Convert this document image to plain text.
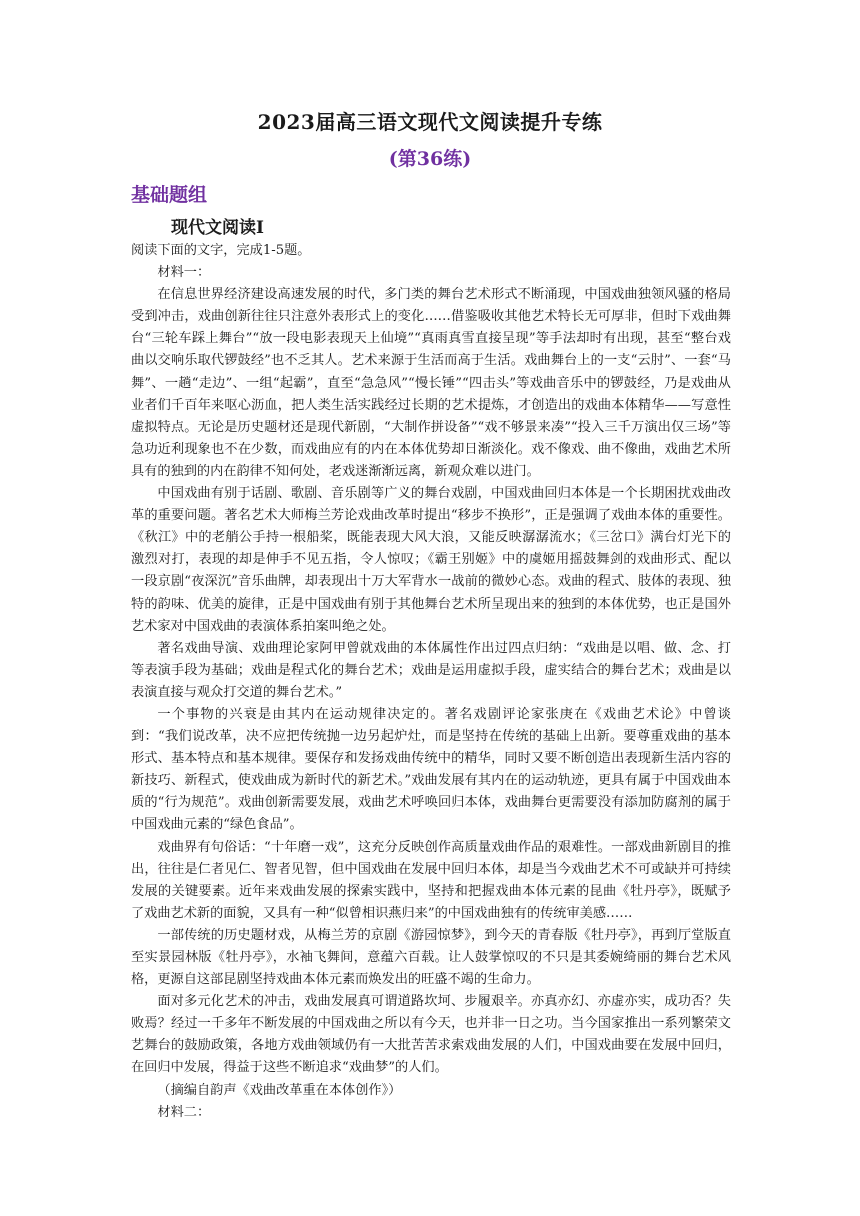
2023届高三语文现代文阅读提升专练
(第36练)
基础题组
现代文阅读Ⅰ

阅读下面的文字，完成1-5题。

材料一：

在信息世界经济建设高速发展的时代，多门类的舞台艺术形式不断涌现，中国戏曲独领风骚的格局受到冲击，戏曲创新往往只注意外表形式上的变化……借鉴吸收其他艺术特长无可厚非，但时下戏曲舞台“三轮车踩上舞台”“放一段电影表现天上仙境”“真雨真雪直接呈现”等手法却时有出现，甚至“整台戏曲以交响乐取代锣鼓经”也不乏其人。艺术来源于生活而高于生活。戏曲舞台上的一支“云肘”、一套“马舞”、一趟“走边”、一组“起霸”，直至“急急风”“慢长锤”“四击头”等戏曲音乐中的锣鼓经，乃是戏曲从业者们千百年来呕心沥血，把人类生活实践经过长期的艺术提炼，才创造出的戏曲本体精华——写意性虚拟特点。无论是历史题材还是现代新剧，“大制作拼设备”“戏不够景来凑”“投入三千万演出仅三场”等急功近利现象也不在少数，而戏曲应有的内在本体优势却日渐淡化。戏不像戏、曲不像曲，戏曲艺术所具有的独到的内在韵律不知何处，老戏迷渐渐远离，新观众难以进门。

中国戏曲有别于话剧、歌剧、音乐剧等广义的舞台戏剧，中国戏曲回归本体是一个长期困扰戏曲改革的重要问题。著名艺术大师梅兰芳论戏曲改革时提出“移步不换形”，正是强调了戏曲本体的重要性。《秋江》中的老艄公手持一根船桨，既能表现大风大浪，又能反映潺潺流水；《三岔口》满台灯光下的激烈对打，表现的却是伸手不见五指，令人惊叹；《霸王别姬》中的虞姬用摇鼓舞剑的戏曲形式、配以一段京剧“夜深沉”音乐曲牌，却表现出十万大军背水一战前的微妙心态。戏曲的程式、肢体的表现、独特的韵味、优美的旋律，正是中国戏曲有别于其他舞台艺术所呈现出来的独到的本体优势，也正是国外艺术家对中国戏曲的表演体系拍案叫绝之处。

著名戏曲导演、戏曲理论家阿甲曾就戏曲的本体属性作出过四点归纳：“戏曲是以唱、做、念、打等表演手段为基础；戏曲是程式化的舞台艺术；戏曲是运用虚拟手段，虚实结合的舞台艺术；戏曲是以表演直接与观众打交道的舞台艺术。”

一个事物的兴衰是由其内在运动规律决定的。著名戏剧评论家张庚在《戏曲艺术论》中曾谈到：“我们说改革，决不应把传统抛一边另起炉灶，而是坚持在传统的基础上出新。要尊重戏曲的基本形式、基本特点和基本规律。要保存和发扬戏曲传统中的精华，同时又要不断创造出表现新生活内容的新技巧、新程式，使戏曲成为新时代的新艺术。”戏曲发展有其内在的运动轨迹，更具有属于中国戏曲本质的“行为规范”。戏曲创新需要发展，戏曲艺术呼唤回归本体，戏曲舞台更需要没有添加防腐剂的属于中国戏曲元素的“绿色食品”。

戏曲界有句俗话：“十年磨一戏”，这充分反映创作高质量戏曲作品的艰难性。一部戏曲新剧目的推出，往往是仁者见仁、智者见智，但中国戏曲在发展中回归本体，却是当今戏曲艺术不可或缺并可持续发展的关键要素。近年来戏曲发展的探索实践中，坚持和把握戏曲本体元素的昆曲《牡丹亭》，既赋予了戏曲艺术新的面貌，又具有一种“似曾相识燕归来”的中国戏曲独有的传统审美感……

一部传统的历史题材戏，从梅兰芳的京剧《游园惊梦》，到今天的青春版《牡丹亭》，再到厅堂版直至实景园林版《牡丹亭》，水袖飞舞间，意蕴六百载。让人鼓掌惊叹的不只是其委婉绮丽的舞台艺术风格，更源自这部昆剧坚持戏曲本体元素而焕发出的旺盛不竭的生命力。

面对多元化艺术的冲击，戏曲发展真可谓道路坎坷、步履艰辛。亦真亦幻、亦虚亦实，成功否？失败焉？经过一千多年不断发展的中国戏曲之所以有今天，也并非一日之功。当今国家推出一系列繁荣文艺舞台的鼓励政策，各地方戏曲领域仍有一大批苦苦求索戏曲发展的人们，中国戏曲要在发展中回归，在回归中发展，得益于这些不断追求“戏曲梦”的人们。

（摘编自韵声《戏曲改革重在本体创作》）

材料二：
